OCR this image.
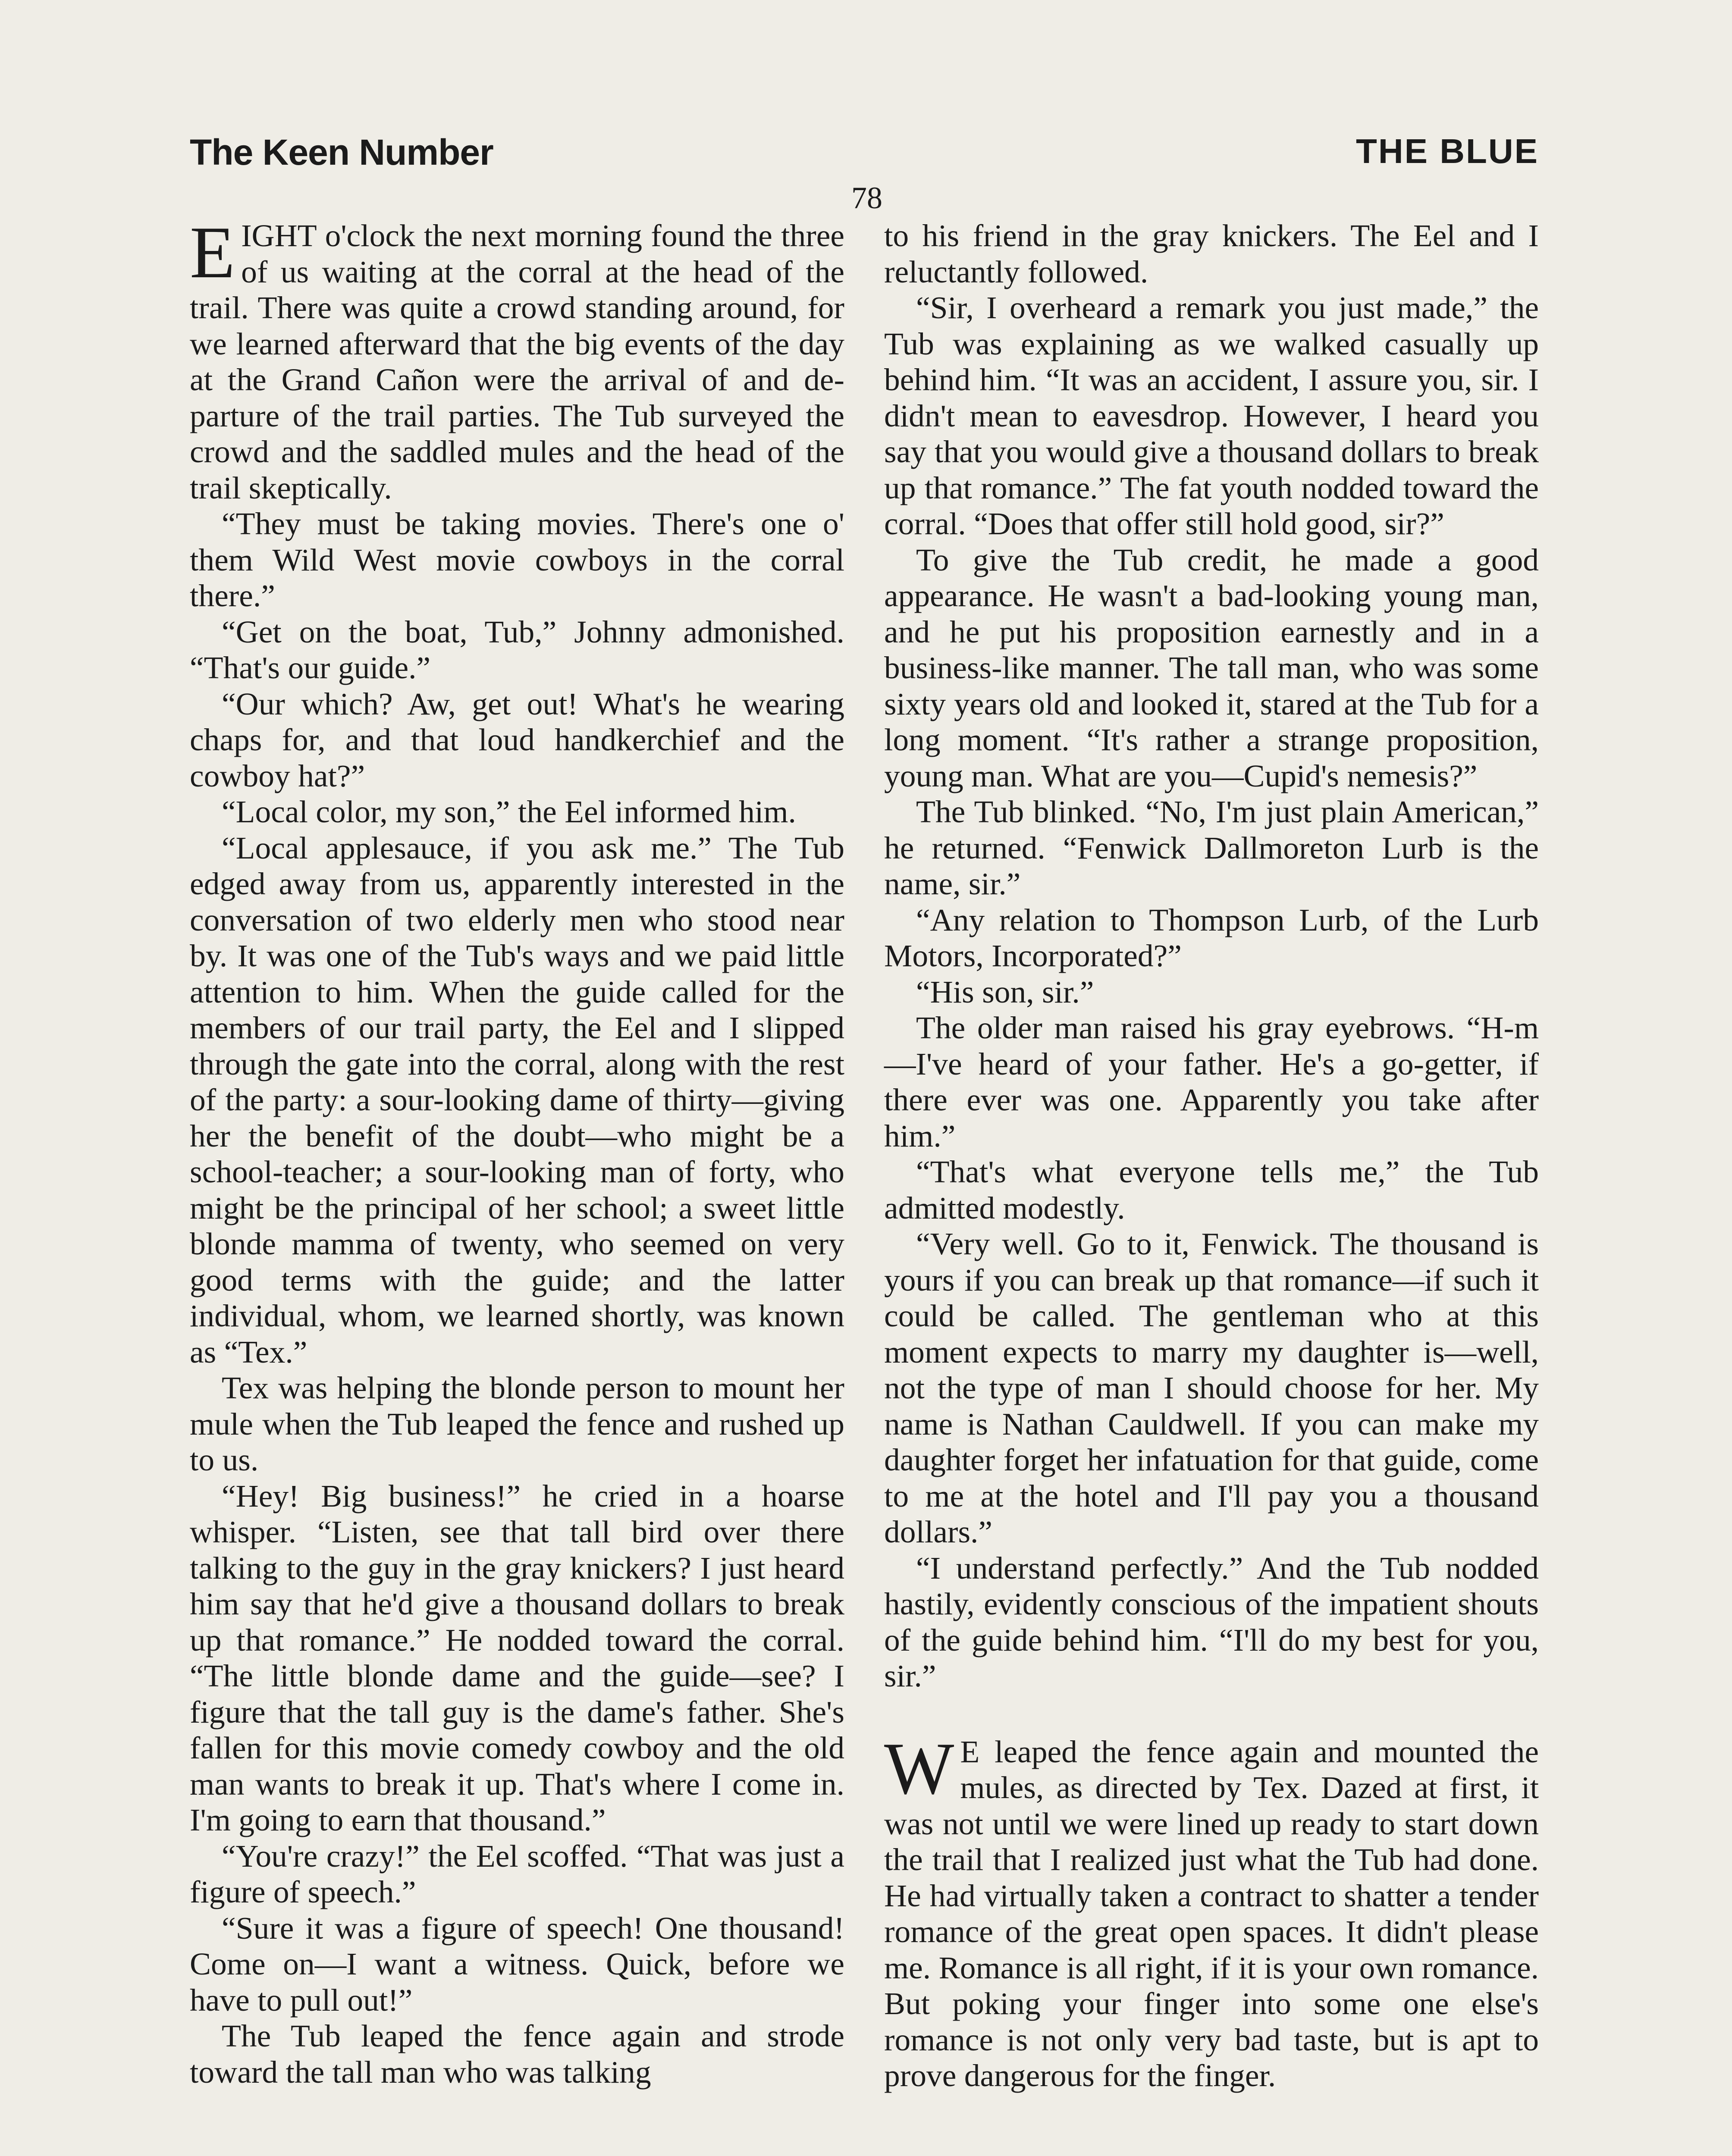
The Keen Number	THE BLUE
78

EIGHT o'clock the next morning found the three of us waiting at the corral at the head of the trail. There was quite a crowd standing around, for we learned afterward that the big events of the day at the Grand Cañon were the arrival of and departure of the trail parties. The Tub surveyed the crowd and the saddled mules and the head of the trail skeptically.

“They must be taking movies. There's one o' them Wild West movie cowboys in the corral there.”

“Get on the boat, Tub,” Johnny admonished. “That's our guide.”

“Our which? Aw, get out! What's he wearing chaps for, and that loud handkerchief and the cowboy hat?”

“Local color, my son,” the Eel informed him.

“Local applesauce, if you ask me.” The Tub edged away from us, apparently interested in the conversation of two elderly men who stood near by. It was one of the Tub's ways and we paid little attention to him. When the guide called for the members of our trail party, the Eel and I slipped through the gate into the corral, along with the rest of the party: a sour-looking dame of thirty—giving her the benefit of the doubt—who might be a school-teacher; a sour-looking man of forty, who might be the principal of her school; a sweet little blonde mamma of twenty, who seemed on very good terms with the guide; and the latter individual, whom, we learned shortly, was known as “Tex.”

Tex was helping the blonde person to mount her mule when the Tub leaped the fence and rushed up to us.

“Hey! Big business!” he cried in a hoarse whisper. “Listen, see that tall bird over there talking to the guy in the gray knickers? I just heard him say that he'd give a thousand dollars to break up that romance.” He nodded toward the corral. “The little blonde dame and the guide—see? I figure that the tall guy is the dame's father. She's fallen for this movie comedy cowboy and the old man wants to break it up. That's where I come in. I'm going to earn that thousand.”

“You're crazy!” the Eel scoffed. “That was just a figure of speech.”

“Sure it was a figure of speech! One thousand! Come on—I want a witness. Quick, before we have to pull out!”

The Tub leaped the fence again and strode toward the tall man who was talking

to his friend in the gray knickers. The Eel and I reluctantly followed.

“Sir, I overheard a remark you just made,” the Tub was explaining as we walked casually up behind him. “It was an accident, I assure you, sir. I didn't mean to eavesdrop. However, I heard you say that you would give a thousand dollars to break up that romance.” The fat youth nodded toward the corral. “Does that offer still hold good, sir?”

To give the Tub credit, he made a good appearance. He wasn't a bad-looking young man, and he put his proposition earnestly and in a business-like manner. The tall man, who was some sixty years old and looked it, stared at the Tub for a long moment. “It's rather a strange proposition, young man. What are you—Cupid's nemesis?”

The Tub blinked. “No, I'm just plain American,” he returned. “Fenwick Dallmoreton Lurb is the name, sir.”

“Any relation to Thompson Lurb, of the Lurb Motors, Incorporated?”

“His son, sir.”

The older man raised his gray eyebrows. “H-m—I've heard of your father. He's a go-getter, if there ever was one. Apparently you take after him.”

“That's what everyone tells me,” the Tub admitted modestly.

“Very well. Go to it, Fenwick. The thousand is yours if you can break up that romance—if such it could be called. The gentleman who at this moment expects to marry my daughter is—well, not the type of man I should choose for her. My name is Nathan Cauldwell. If you can make my daughter forget her infatuation for that guide, come to me at the hotel and I'll pay you a thousand dollars.”

“I understand perfectly.” And the Tub nodded hastily, evidently conscious of the impatient shouts of the guide behind him. “I'll do my best for you, sir.”

W E leaped the fence again and mounted the mules, as directed by Tex. Dazed at first, it was not until we were lined up ready to start down the trail that I realized just what the Tub had done. He had virtually taken a contract to shatter a tender romance of the great open spaces. It didn't please me. Romance is all right, if it is your own romance. But poking your finger into some one else's romance is not only very bad taste, but is apt to prove dangerous for the finger.
